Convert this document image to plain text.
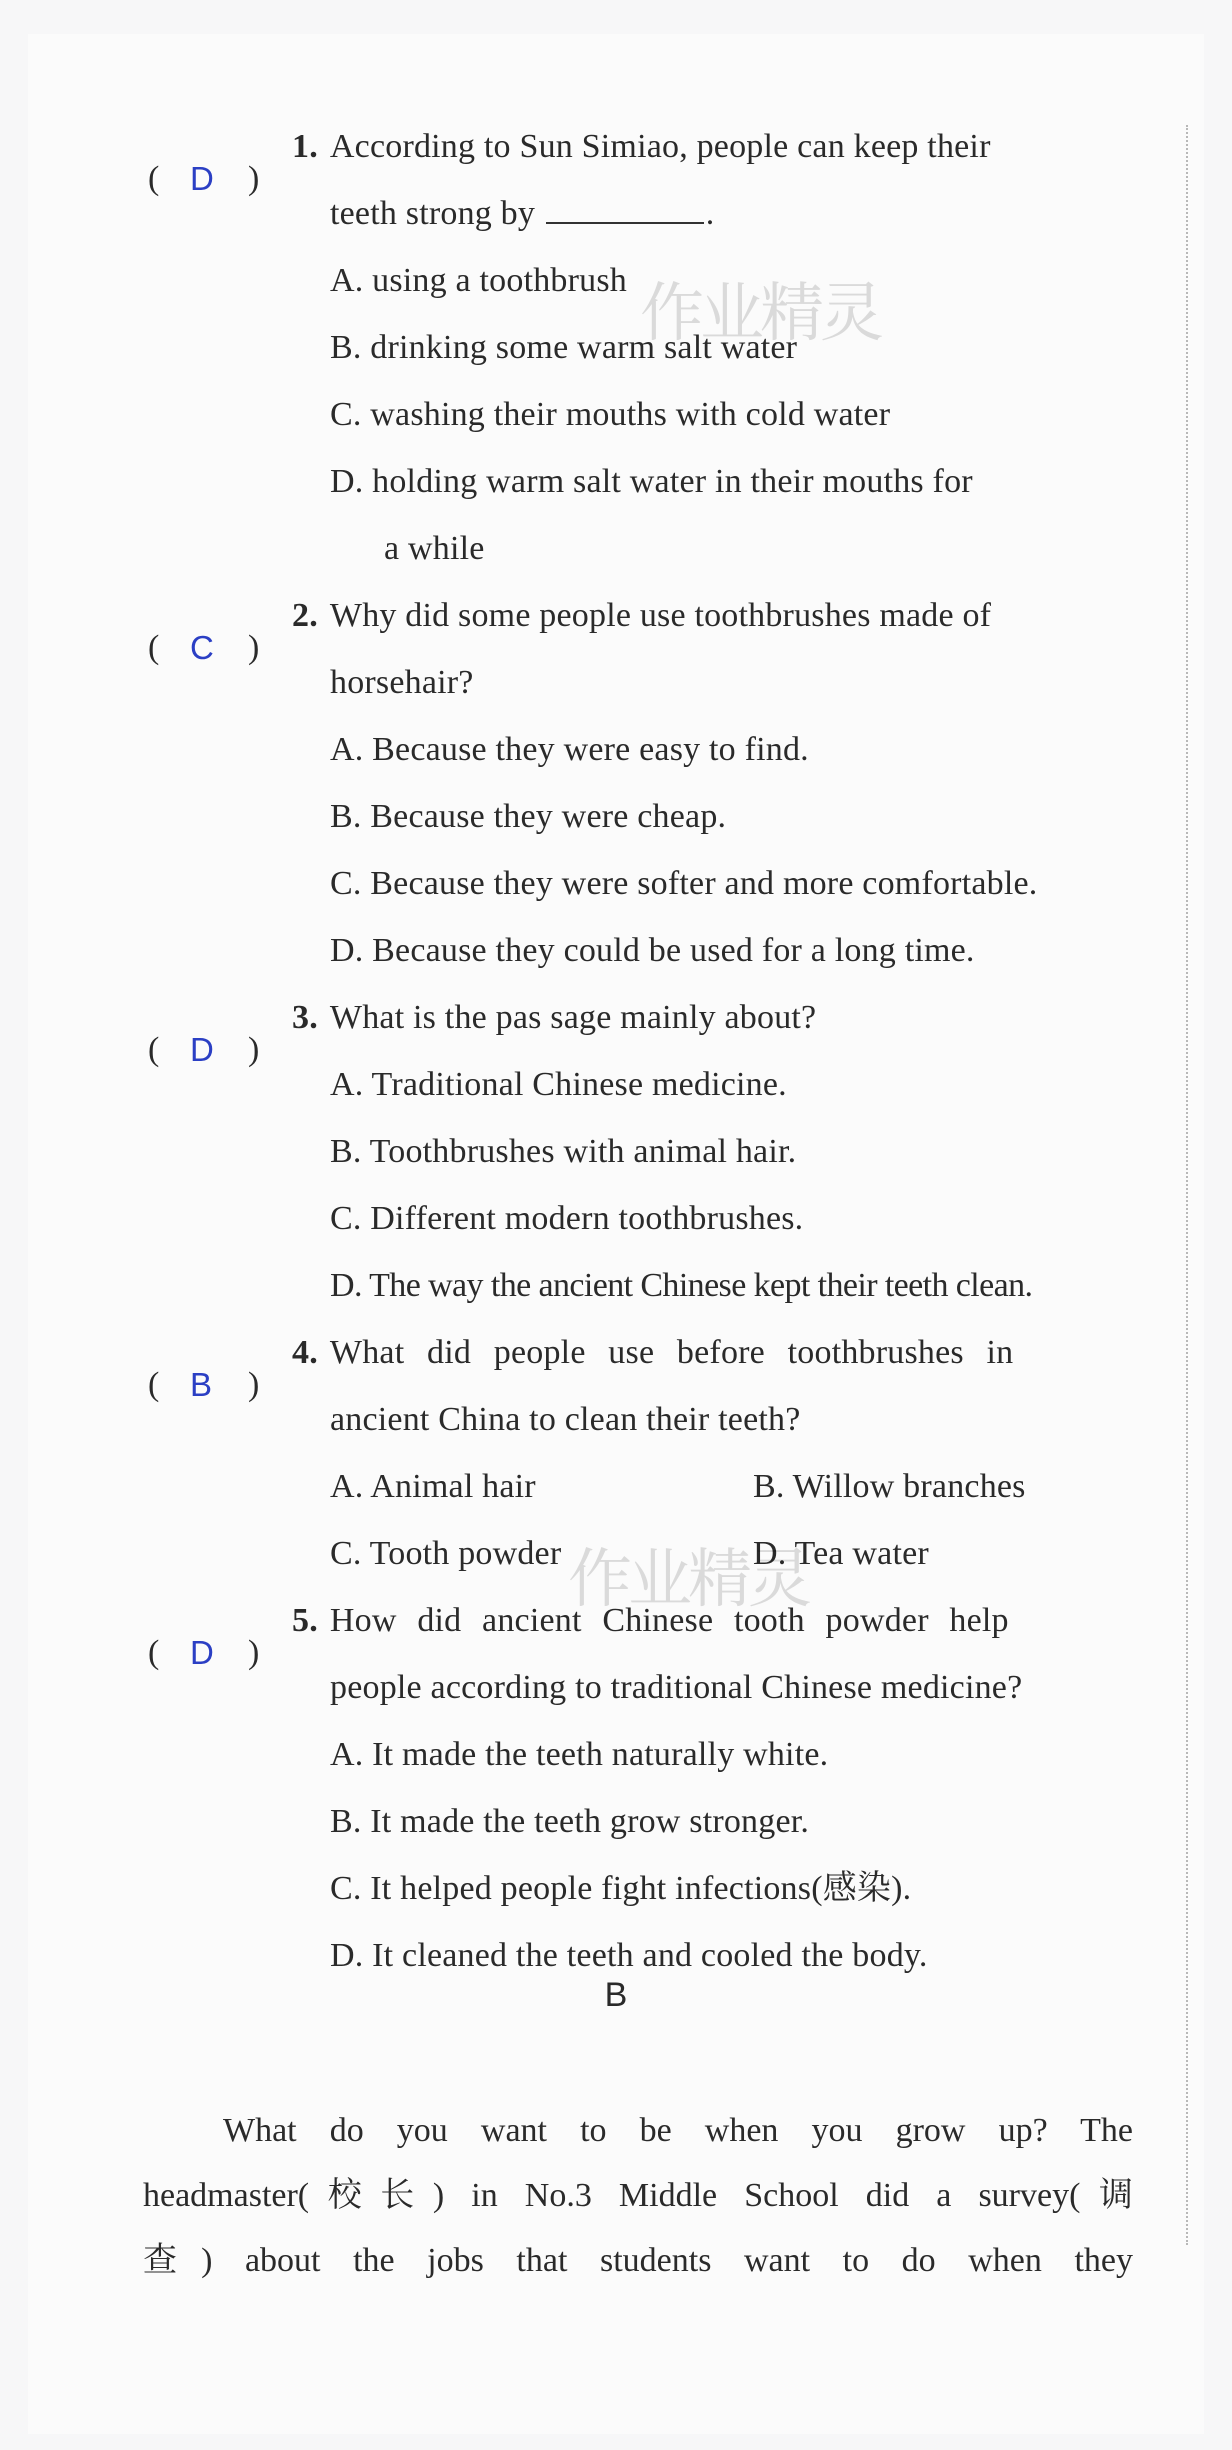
( D )
1. According to Sun Simiao, people can keep their
teeth strong by	.
A. using a toothbrush
B. drinking some warm salt water
C. washing their mouths with cold water
D. holding warm salt water in their mouths for
a while
( C )
2. Why did some people use toothbrushes made of
horsehair?
A. Because they were easy to find.
B. Because they were cheap.
C. Because they were softer and more comfortable.
D. Because they could be used for a long time.
( D )
3. What is the pas sage mainly about?
A. Traditional Chinese medicine.
B. Toothbrushes with animal hair.
C. Different modern toothbrushes.
D. The way the ancient Chinese kept their teeth clean.
( B )
4. What did people use before toothbrushes in
ancient China to clean their teeth?
A. Animal hair	B. Willow branches
C. Tooth powder	D. Tea water
( D )
5. How did ancient Chinese tooth powder help
people according to traditional Chinese medicine?
A. It made the teeth naturally white.
B. It made the teeth grow stronger.
C. It helped people fight infections(感染).
D. It cleaned the teeth and cooled the body.
B
What do you want to be when you grow up? The
headmaster(校长) in No.3 Middle School did a survey(调
查) about the jobs that students want to do when they
作业精灵
作业精灵
